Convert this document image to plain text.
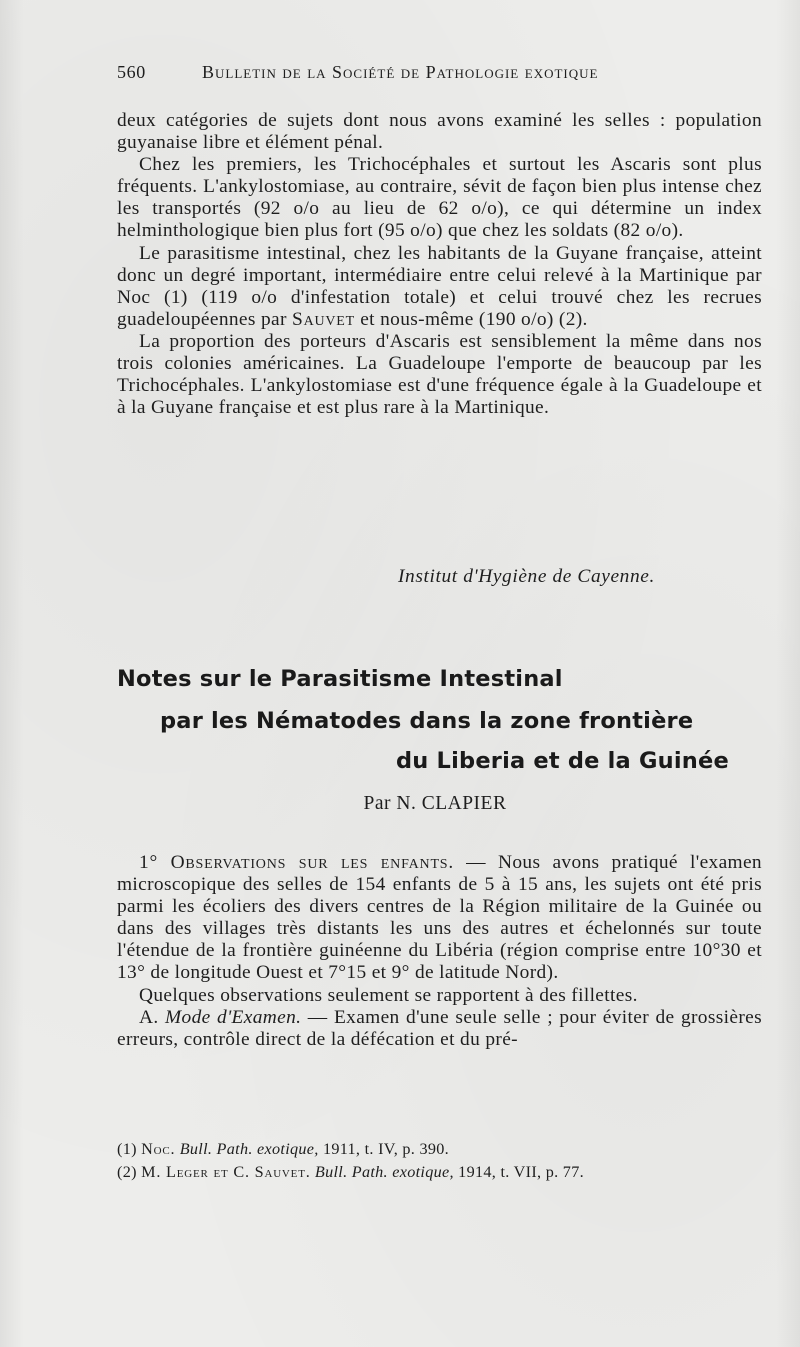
560	Bulletin de la Société de Pathologie exotique

deux catégories de sujets dont nous avons examiné les selles : population guyanaise libre et élément pénal.

Chez les premiers, les Trichocéphales et surtout les Ascaris sont plus fréquents. L'ankylostomiase, au contraire, sévit de façon bien plus intense chez les transportés (92 o/o au lieu de 62 o/o), ce qui détermine un index helminthologique bien plus fort (95 o/o) que chez les soldats (82 o/o).

Le parasitisme intestinal, chez les habitants de la Guyane française, atteint donc un degré important, intermédiaire entre celui relevé à la Martinique par Noc (1) (119 o/o d'infestation totale) et celui trouvé chez les recrues guadeloupéennes par Sauvet et nous-même (190 o/o) (2).

La proportion des porteurs d'Ascaris est sensiblement la même dans nos trois colonies américaines. La Guadeloupe l'emporte de beaucoup par les Trichocéphales. L'ankylostomiase est d'une fréquence égale à la Guadeloupe et à la Guyane française et est plus rare à la Martinique.

Institut d'Hygiène de Cayenne.
Notes sur le Parasitisme Intestinal
par les Nématodes dans la zone frontière
du Liberia et de la Guinée
Par N. CLAPIER

1° Observations sur les enfants. — Nous avons pratiqué l'examen microscopique des selles de 154 enfants de 5 à 15 ans, les sujets ont été pris parmi les écoliers des divers centres de la Région militaire de la Guinée ou dans des villages très distants les uns des autres et échelonnés sur toute l'étendue de la frontière guinéenne du Libéria (région comprise entre 10°30 et 13° de longitude Ouest et 7°15 et 9° de latitude Nord).

Quelques observations seulement se rapportent à des fillettes.

A. Mode d'Examen. — Examen d'une seule selle ; pour éviter de grossières erreurs, contrôle direct de la défécation et du pré-

(1) Noc. Bull. Path. exotique, 1911, t. IV, p. 390.

(2) M. Leger et C. Sauvet. Bull. Path. exotique, 1914, t. VII, p. 77.
